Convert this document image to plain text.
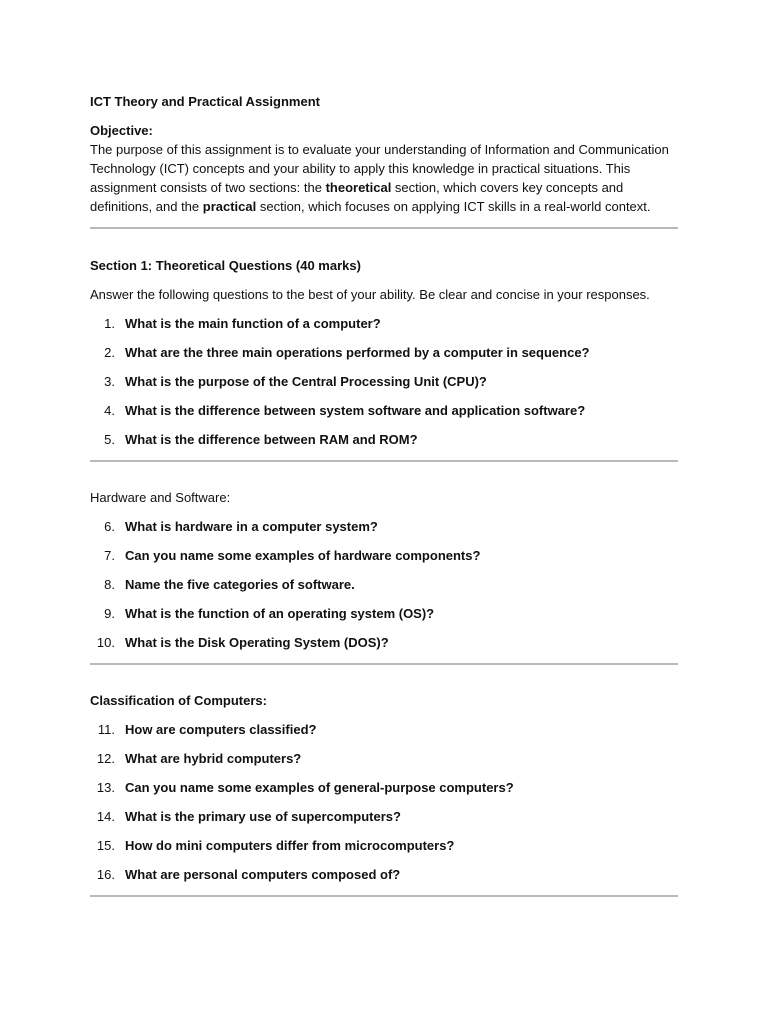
ICT Theory and Practical Assignment

Objective:

The purpose of this assignment is to evaluate your understanding of Information and Communication Technology (ICT) concepts and your ability to apply this knowledge in practical situations. This assignment consists of two sections: the theoretical section, which covers key concepts and definitions, and the practical section, which focuses on applying ICT skills in a real-world context.

Section 1: Theoretical Questions (40 marks)

Answer the following questions to the best of your ability. Be clear and concise in your responses.

1. What is the main function of a computer?
2. What are the three main operations performed by a computer in sequence?
3. What is the purpose of the Central Processing Unit (CPU)?
4. What is the difference between system software and application software?
5. What is the difference between RAM and ROM?

Hardware and Software:

6. What is hardware in a computer system?
7. Can you name some examples of hardware components?
8. Name the five categories of software.
9. What is the function of an operating system (OS)?
10. What is the Disk Operating System (DOS)?

Classification of Computers:

11. How are computers classified?
12. What are hybrid computers?
13. Can you name some examples of general-purpose computers?
14. What is the primary use of supercomputers?
15. How do mini computers differ from microcomputers?
16. What are personal computers composed of?
